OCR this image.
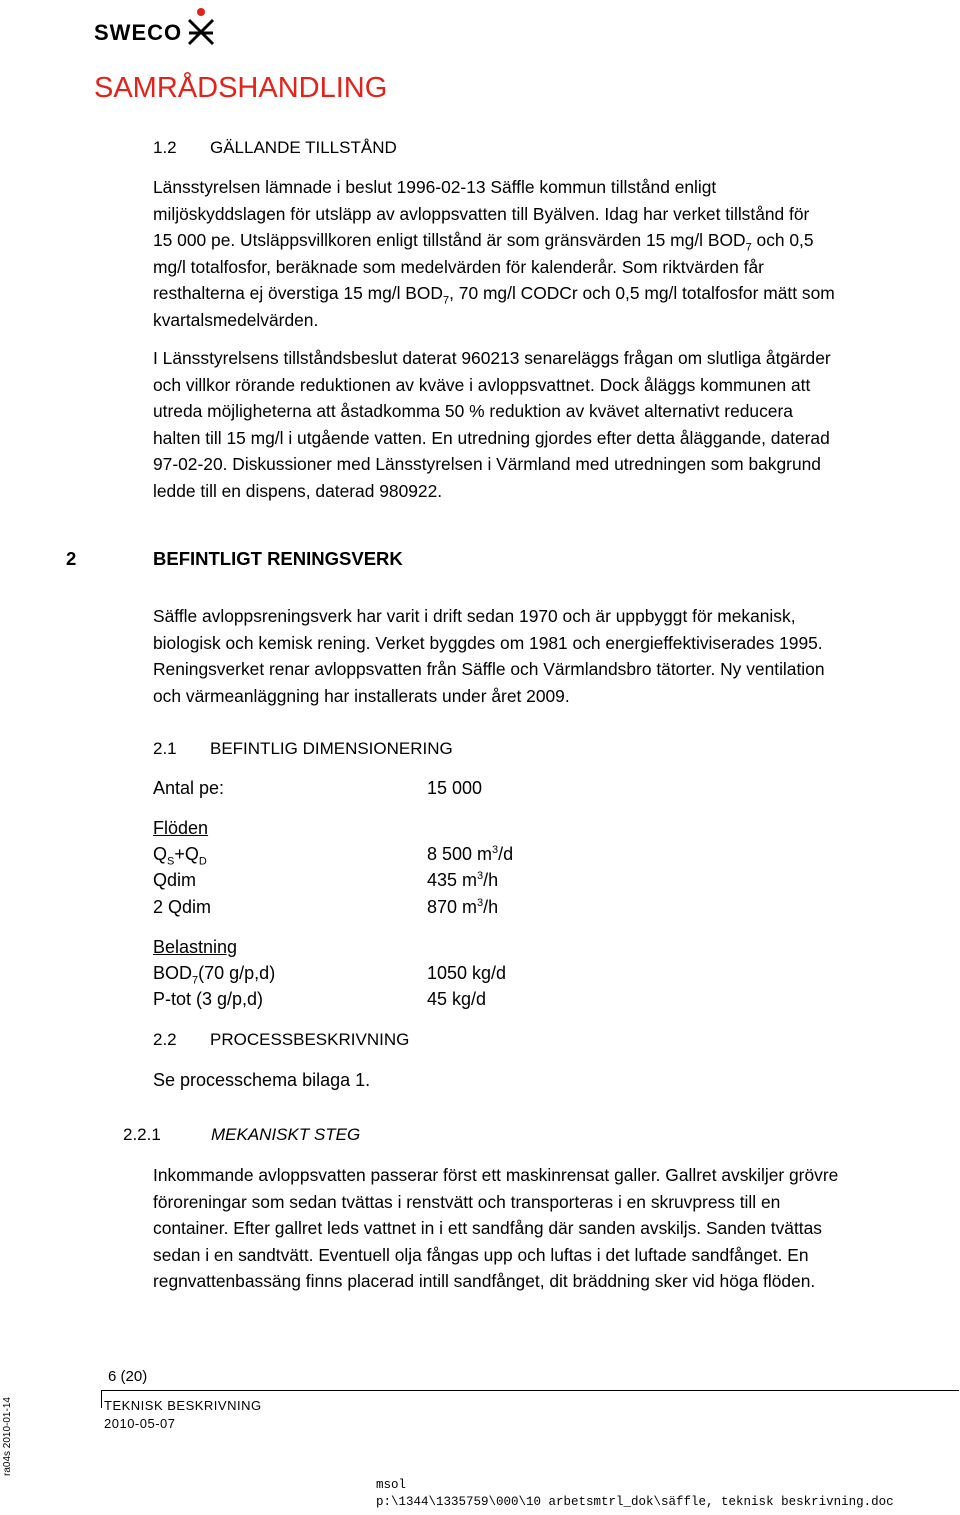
SWECO
SAMRÅDSHANDLING
1.2 GÄLLANDE TILLSTÅND

Länsstyrelsen lämnade i beslut 1996-02-13 Säffle kommun tillstånd enligt

miljöskyddslagen för utsläpp av avloppsvatten till Byälven. Idag har verket tillstånd för

15 000 pe. Utsläppsvillkoren enligt tillstånd är som gränsvärden 15 mg/l $BOD_7$ och 0,5

mg/l totalfosfor, beräknade som medelvärden för kalenderår. Som riktvärden får

resthalterna ej överstiga 15 mg/l $BOD_7$, 70 mg/l CODCr och 0,5 mg/l totalfosfor mätt som

kvartalsmedelvärden.

I Länsstyrelsens tillståndsbeslut daterat 960213 senareläggs frågan om slutliga åtgärder

och villkor rörande reduktionen av kväve i avloppsvattnet. Dock åläggs kommunen att

utreda möjligheterna att åstadkomma 50 % reduktion av kvävet alternativt reducera

halten till 15 mg/l i utgående vatten. En utredning gjordes efter detta åläggande, daterad

97-02-20. Diskussioner med Länsstyrelsen i Värmland med utredningen som bakgrund

ledde till en dispens, daterad 980922.

2	BEFINTLIGT RENINGSVERK

Säffle avloppsreningsverk har varit i drift sedan 1970 och är uppbyggt för mekanisk,

biologisk och kemisk rening. Verket byggdes om 1981 och energieffektiviserades 1995.

Reningsverket renar avloppsvatten från Säffle och Värmlandsbro tätorter. Ny ventilation

och värmeanläggning har installerats under året 2009.

2.1 BEFINTLIG DIMENSIONERING
Antal pe:	15 000
Flöden
$Q_S+Q_D$	8 500 $m^3/d$
Qdim	435 $m^3/h$
2 Qdim	870 $m^3/h$
Belastning
$BOD_7(70$ g/p,d)	1050 kg/d
P-tot (3 g/p,d)	45 kg/d
2.2 PROCESSBESKRIVNING
Se processchema bilaga 1.
2.2.1	MEKANISKT STEG

Inkommande avloppsvatten passerar först ett maskinrensat galler. Gallret avskiljer grövre

föroreningar som sedan tvättas i renstvätt och transporteras i en skruvpress till en

container. Efter gallret leds vattnet in i ett sandfång där sanden avskiljs. Sanden tvättas

sedan i en sandtvätt. Eventuell olja fångas upp och luftas i det luftade sandfånget. En

regnvattenbassäng finns placerad intill sandfånget, dit bräddning sker vid höga flöden.

6 (20)
TEKNISK BESKRIVNING
2010-05-07
msol
p:\1344\1335759\000\10 arbetsmtrl_dok\säffle, teknisk beskrivning.doc
ra04s 2010-01-14
